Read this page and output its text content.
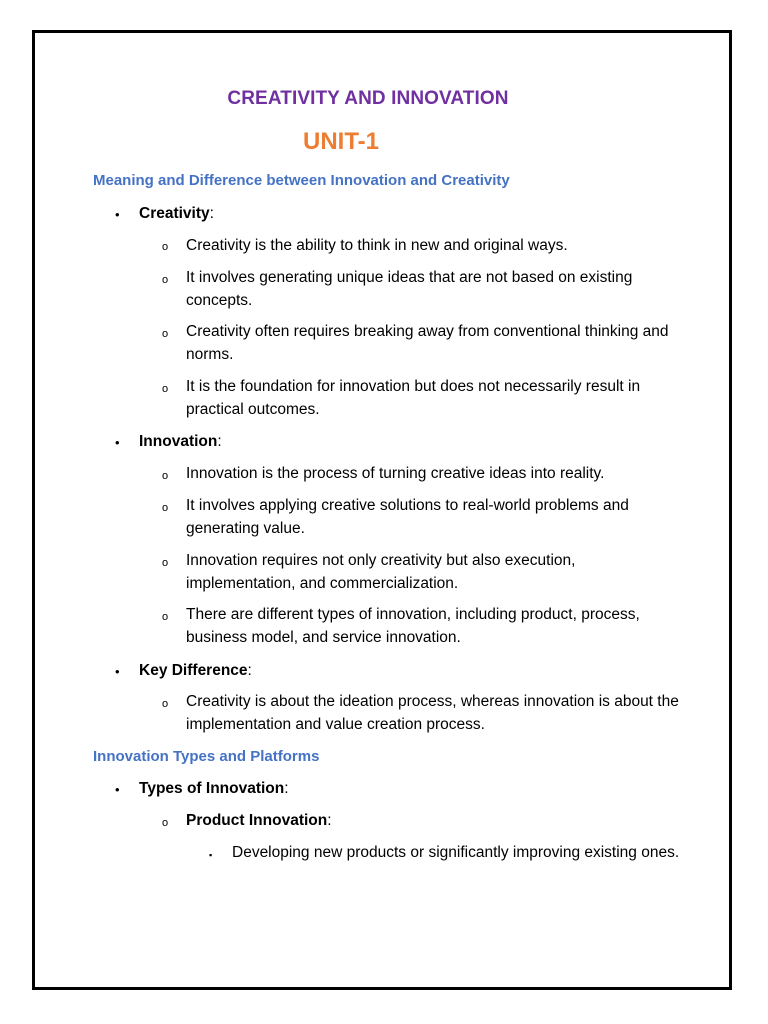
CREATIVITY AND INNOVATION
UNIT-1
Meaning and Difference between Innovation and Creativity
• Creativity:
o Creativity is the ability to think in new and original ways.
o It involves generating unique ideas that are not based on existing concepts.
o Creativity often requires breaking away from conventional thinking and norms.
o It is the foundation for innovation but does not necessarily result in practical outcomes.
• Innovation:
o Innovation is the process of turning creative ideas into reality.
o It involves applying creative solutions to real-world problems and generating value.
o Innovation requires not only creativity but also execution, implementation, and commercialization.
o There are different types of innovation, including product, process, business model, and service innovation.
• Key Difference:
o Creativity is about the ideation process, whereas innovation is about the implementation and value creation process.
Innovation Types and Platforms
• Types of Innovation:
o Product Innovation:
▪ Developing new products or significantly improving existing ones.
